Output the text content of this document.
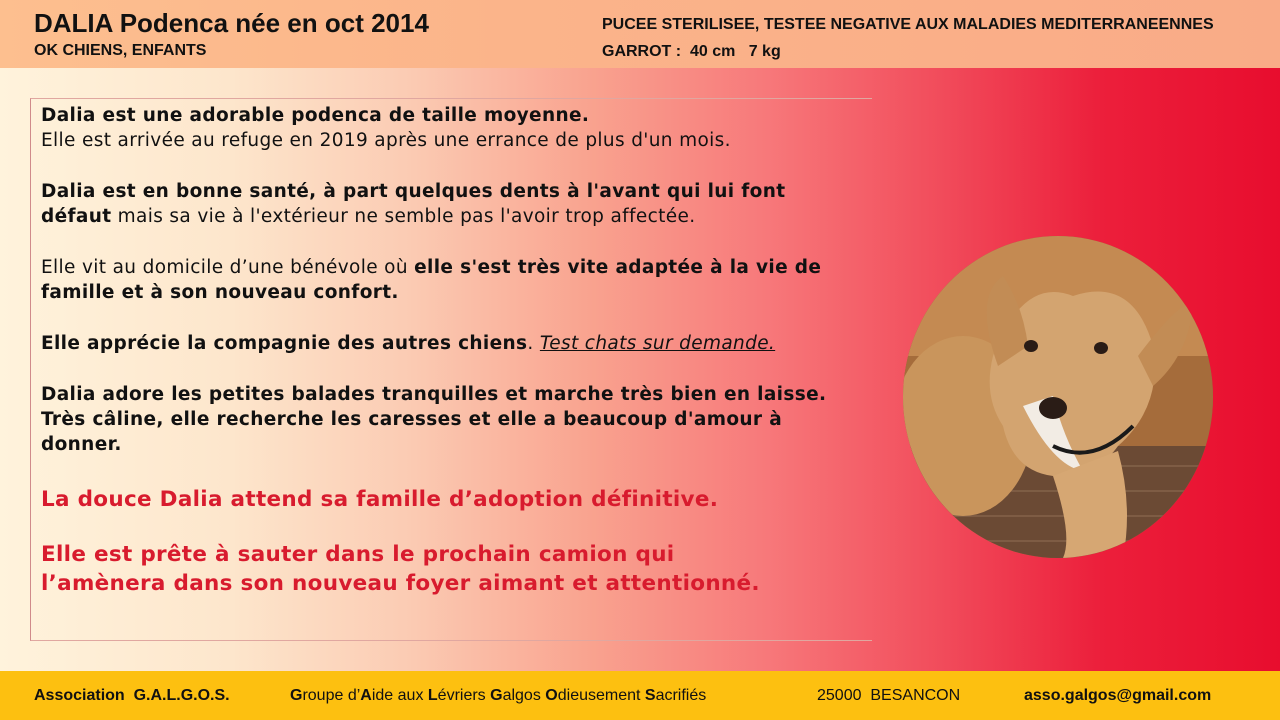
DALIA Podenca née en oct 2014
OK CHIENS, ENFANTS
PUCEE STERILISEE, TESTEE NEGATIVE AUX MALADIES MEDITERRANEENNES
GARROT :  40 cm   7 kg
Dalia est une adorable podenca de taille moyenne.
Elle est arrivée au refuge en 2019 après une errance de plus d'un mois.
Dalia est en bonne santé, à part quelques dents à l'avant qui lui font défaut mais sa vie à l'extérieur ne semble pas l'avoir trop affectée.
Elle vit au domicile d’une bénévole où elle s'est très vite adaptée à la vie de famille et à son nouveau confort.
Elle apprécie la compagnie des autres chiens. Test chats sur demande.
Dalia adore les petites balades tranquilles et marche très bien en laisse.
Très câline, elle recherche les caresses et elle a beaucoup d'amour à donner.
La douce Dalia attend sa famille d’adoption définitive.
Elle est prête à sauter dans le prochain camion qui
l’amènera dans son nouveau foyer aimant et attentionné.
Association  G.A.L.G.O.S.	Groupe d’Aide aux Lévriers Galgos Odieusement Sacrifiés	25000  BESANCON	asso.galgos@gmail.com
